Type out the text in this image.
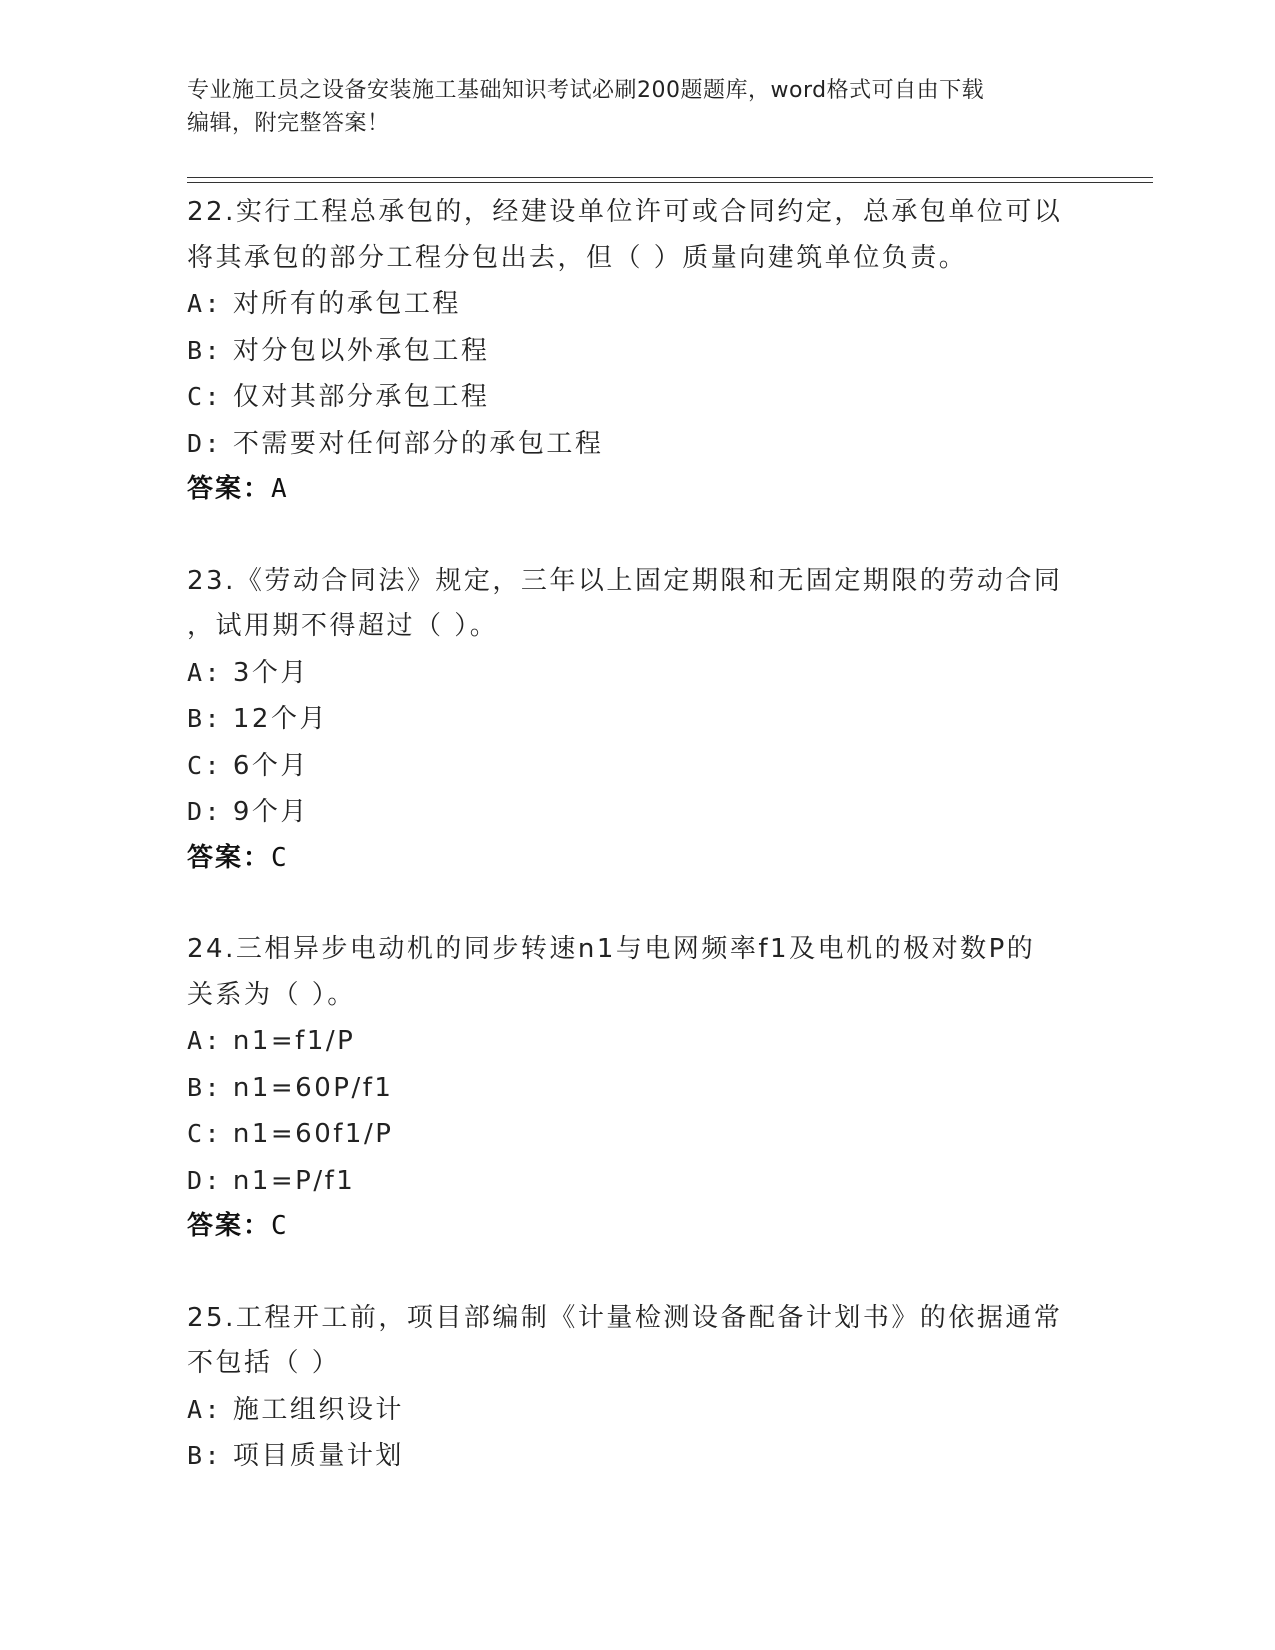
专业施工员之设备安装施工基础知识考试必刷200题题库，word格式可自由下载
编辑，附完整答案！
22.实行工程总承包的，经建设单位许可或合同约定，总承包单位可以
将其承包的部分工程分包出去，但（ ）质量向建筑单位负责。
A: 对所有的承包工程
B: 对分包以外承包工程
C: 仅对其部分承包工程
D: 不需要对任何部分的承包工程
答案：A
23.《劳动合同法》规定，三年以上固定期限和无固定期限的劳动合同
，试用期不得超过（ ）。
A: 3个月
B: 12个月
C: 6个月
D: 9个月
答案：C
24.三相异步电动机的同步转速n1与电网频率f1及电机的极对数P的
关系为（ ）。
A: n1=f1/P
B: n1=60P/f1
C: n1=60f1/P
D: n1=P/f1
答案：C
25.工程开工前，项目部编制《计量检测设备配备计划书》的依据通常
不包括（ ）
A: 施工组织设计
B: 项目质量计划
